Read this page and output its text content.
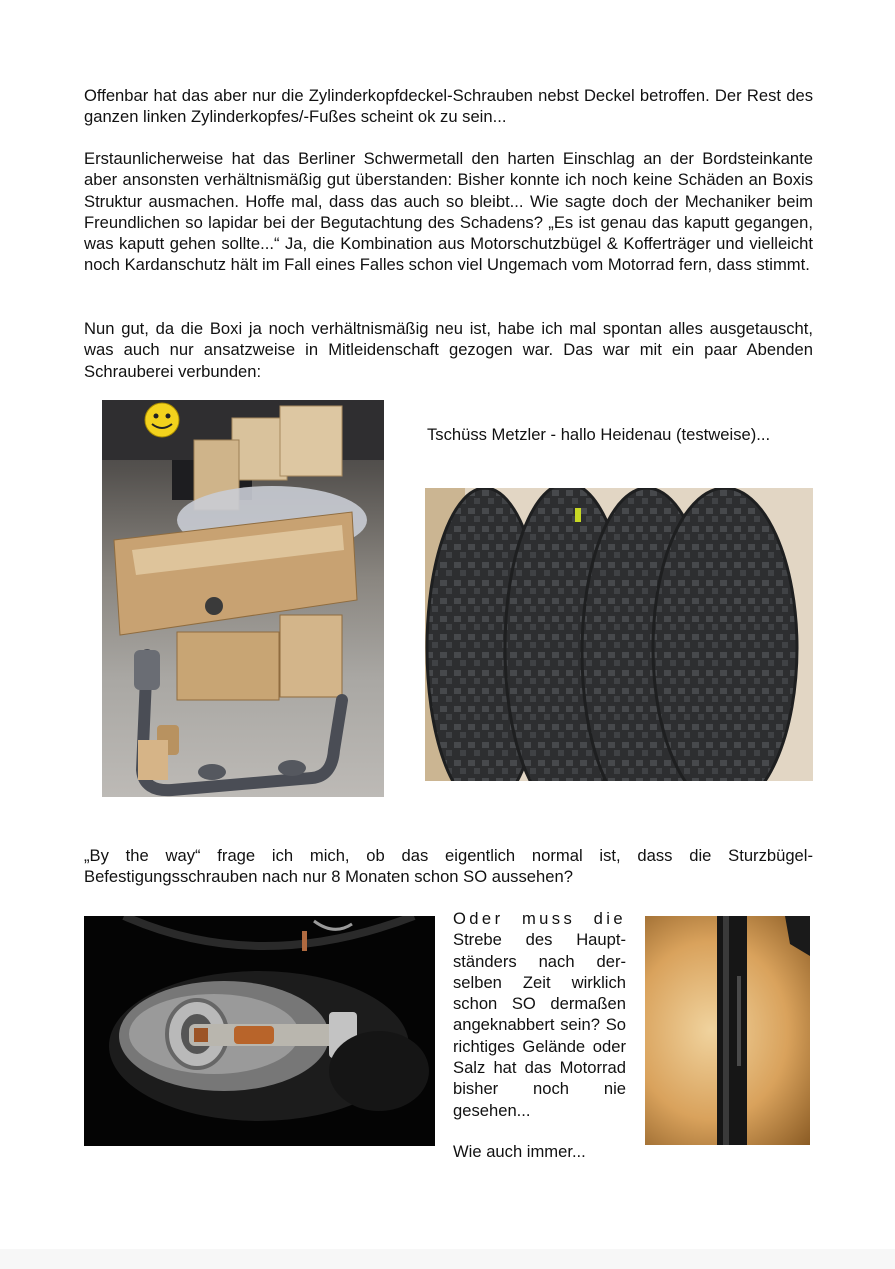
Offenbar hat das aber nur die Zylinderkopfdeckel-Schrauben nebst Deckel betroffen. Der Rest des ganzen linken Zylinderkopfes/-Fußes scheint ok zu sein...

Erstaunlicherweise hat das Berliner Schwermetall den harten Einschlag an der Bordsteinkante aber ansonsten verhältnismäßig gut überstanden: Bisher konnte ich noch keine Schäden an Boxis Struktur ausmachen. Hoffe mal, dass das auch so bleibt... Wie sagte doch der Mechaniker beim Freundlichen so lapidar bei der Begutachtung des Schadens? „Es ist genau das kaputt gegangen, was kaputt gehen sollte...“ Ja, die Kombination aus Motorschutzbügel & Kofferträger und vielleicht noch Kardanschutz hält im Fall eines Falles schon viel Ungemach vom Motorrad fern, dass stimmt.

Nun gut, da die Boxi ja noch verhältnismäßig neu ist, habe ich mal spontan alles ausgetauscht, was auch nur ansatzweise in Mitleidenschaft gezogen war. Das war mit ein paar Abenden Schrauberei verbunden:

Tschüss Metzler - hallo Heidenau (testweise)...

„By the way“ frage ich mich, ob das eigentlich normal ist, dass die Sturzbügel-Befestigungsschrauben nach nur 8 Monaten schon SO aussehen?

Oder muss die Strebe des Haupt-ständers nach der-selben Zeit wirklich schon SO dermaßen angeknabbert sein? So richtiges Gelände oder Salz hat das Motorrad bisher noch nie gesehen...

Wie auch immer...
